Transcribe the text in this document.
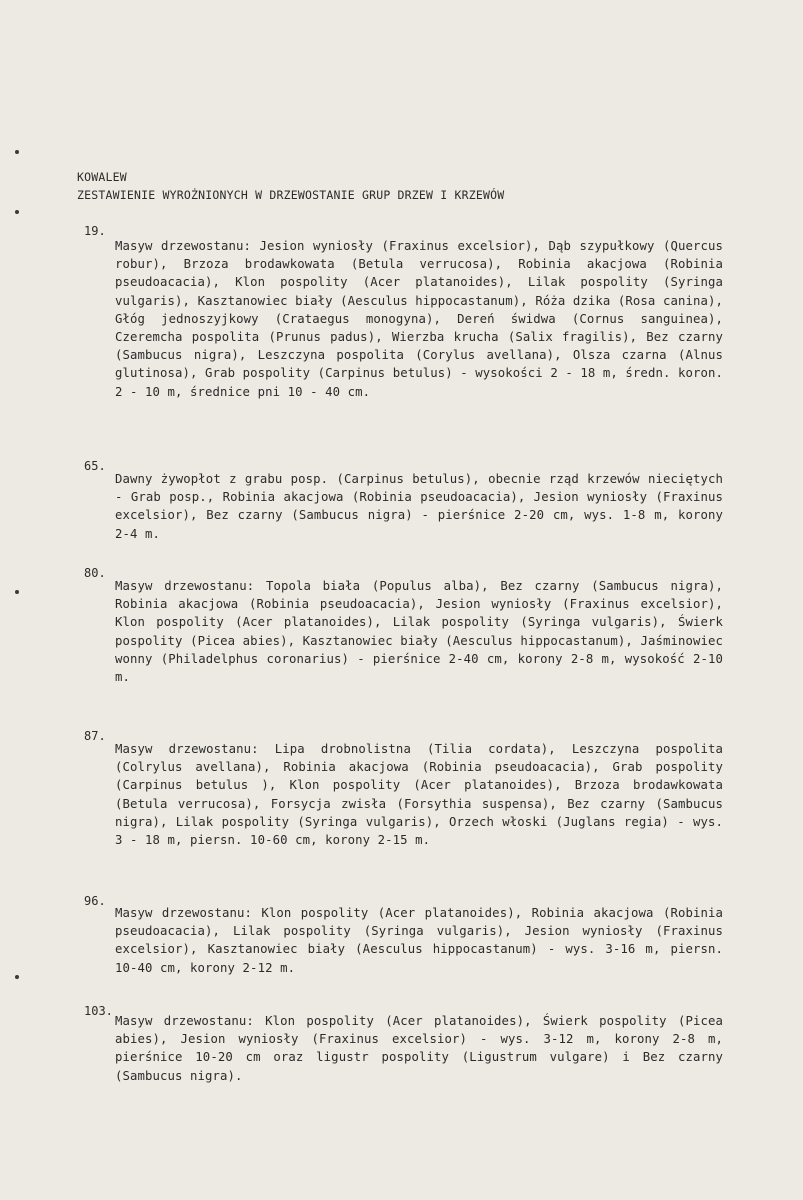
KOWALEW
ZESTAWIENIE WYROŻNIONYCH W DRZEWOSTANIE GRUP DRZEW I KRZEWÓW
19.
Masyw drzewostanu: Jesion wyniosły (Fraxinus excelsior), Dąb szypułkowy (Quercus robur), Brzoza brodawkowata (Betula verrucosa), Robinia akacjowa (Robinia pseudoacacia), Klon pospolity (Acer platanoides), Lilak pospolity (Syringa vulgaris), Kasztanowiec biały (Aesculus hippocastanum), Róża dzika (Rosa canina), Głóg jednoszyjkowy (Crataegus monogyna), Dereń świdwa (Cornus sanguinea), Czeremcha pospolita (Prunus padus), Wierzba krucha (Salix fragilis), Bez czarny (Sambucus nigra), Leszczyna pospolita (Corylus avellana), Olsza czarna (Alnus glutinosa), Grab pospolity (Carpinus betulus) - wysokości 2 - 18 m, średn. koron. 2 - 10 m, średnice pni 10 - 40 cm.
65.
Dawny żywopłot z grabu posp. (Carpinus betulus), obecnie rząd krzewów nieciętych - Grab posp., Robinia akacjowa (Robinia pseudoacacia), Jesion wyniosły (Fraxinus excelsior), Bez czarny (Sambucus nigra) - pierśnice 2-20 cm, wys. 1-8 m, korony 2-4 m.
80.
Masyw drzewostanu: Topola biała (Populus alba), Bez czarny (Sambucus nigra), Robinia akacjowa (Robinia pseudoacacia), Jesion wyniosły (Fraxinus excelsior), Klon pospolity (Acer platanoides), Lilak pospolity (Syringa vulgaris), Świerk pospolity (Picea abies), Kasztanowiec biały (Aesculus hippocastanum), Jaśminowiec wonny (Philadelphus coronarius) - pierśnice 2-40 cm, korony 2-8 m, wysokość 2-10 m.
87.
Masyw drzewostanu: Lipa drobnolistna (Tilia cordata), Leszczyna pospolita (Colrylus avellana), Robinia akacjowa (Robinia pseudoacacia), Grab pospolity (Carpinus betulus ), Klon pospolity (Acer platanoides), Brzoza brodawkowata (Betula verrucosa), Forsycja zwisła (Forsythia suspensa), Bez czarny (Sambucus nigra), Lilak pospolity (Syringa vulgaris), Orzech włoski (Juglans regia) - wys. 3 - 18 m, piersn. 10-60 cm, korony 2-15 m.
96.
Masyw drzewostanu: Klon pospolity (Acer platanoides), Robinia akacjowa (Robinia pseudoacacia), Lilak pospolity (Syringa vulgaris), Jesion wyniosły (Fraxinus excelsior), Kasztanowiec biały (Aesculus hippocastanum) - wys. 3-16 m, piersn. 10-40 cm, korony 2-12 m.
103.
Masyw drzewostanu: Klon pospolity (Acer platanoides), Świerk pospolity (Picea abies), Jesion wyniosły (Fraxinus excelsior) - wys. 3-12 m, korony 2-8 m, pierśnice 10-20 cm oraz ligustr pospolity (Ligustrum vulgare) i Bez czarny (Sambucus nigra).
